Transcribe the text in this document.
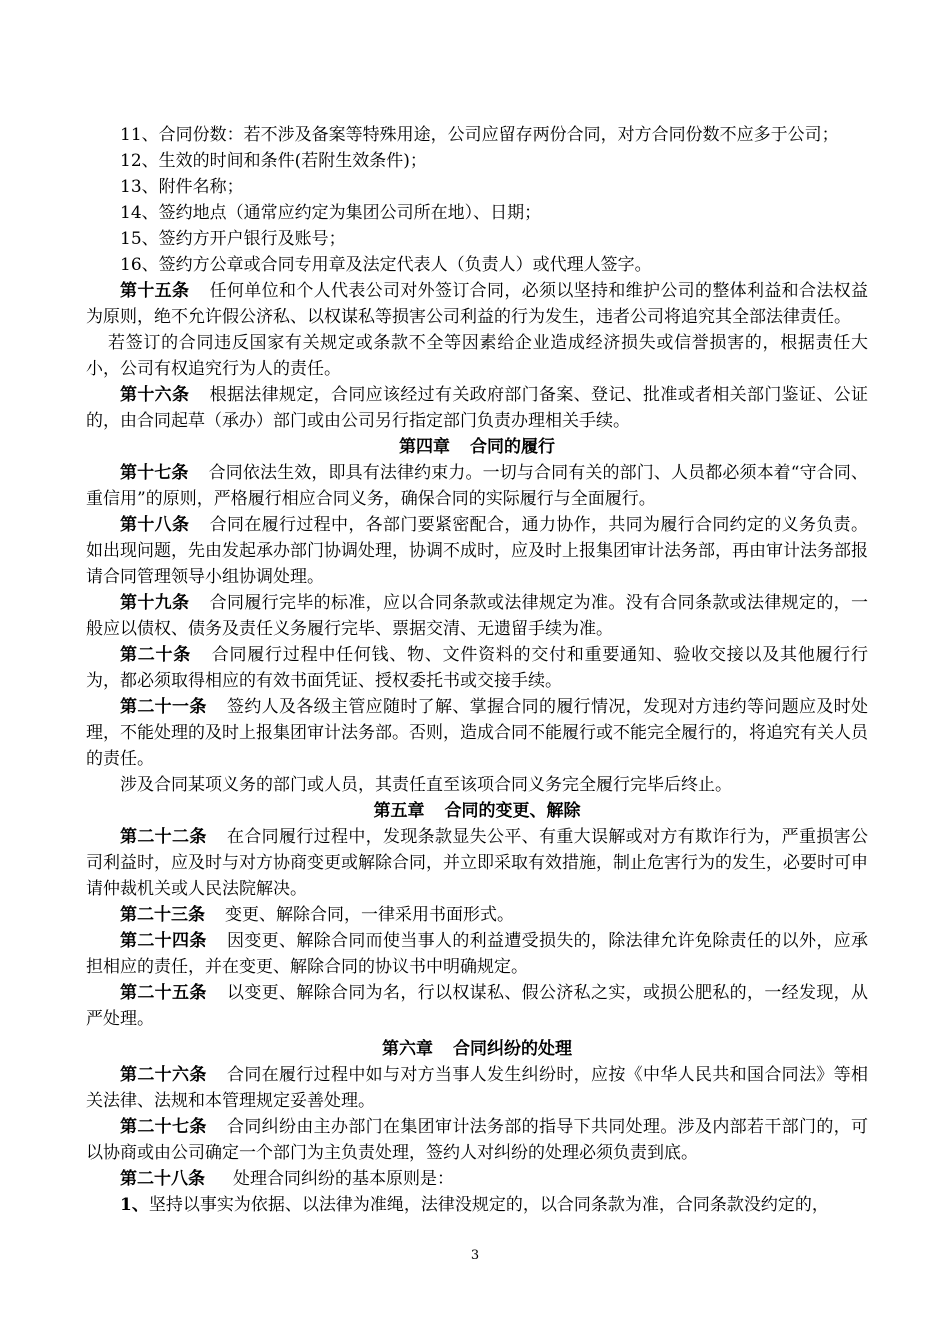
11、合同份数：若不涉及备案等特殊用途，公司应留存两份合同，对方合同份数不应多于公司；

12、生效的时间和条件(若附生效条件)；

13、附件名称；

14、签约地点（通常应约定为集团公司所在地）、日期；

15、签约方开户银行及账号；

16、签约方公章或合同专用章及法定代表人（负责人）或代理人签字。

第十五条 任何单位和个人代表公司对外签订合同，必须以坚持和维护公司的整体利益和合法权益为原则，绝不允许假公济私、以权谋私等损害公司利益的行为发生，违者公司将追究其全部法律责任。

若签订的合同违反国家有关规定或条款不全等因素给企业造成经济损失或信誉损害的，根据责任大小，公司有权追究行为人的责任。

第十六条 根据法律规定，合同应该经过有关政府部门备案、登记、批准或者相关部门鉴证、公证的，由合同起草（承办）部门或由公司另行指定部门负责办理相关手续。

第四章 合同的履行

第十七条 合同依法生效，即具有法律约束力。一切与合同有关的部门、人员都必须本着“守合同、重信用”的原则，严格履行相应合同义务，确保合同的实际履行与全面履行。

第十八条 合同在履行过程中，各部门要紧密配合，通力协作，共同为履行合同约定的义务负责。如出现问题，先由发起承办部门协调处理，协调不成时，应及时上报集团审计法务部，再由审计法务部报请合同管理领导小组协调处理。

第十九条 合同履行完毕的标准，应以合同条款或法律规定为准。没有合同条款或法律规定的，一般应以债权、债务及责任义务履行完毕、票据交清、无遗留手续为准。

第二十条 合同履行过程中任何钱、物、文件资料的交付和重要通知、验收交接以及其他履行行为，都必须取得相应的有效书面凭证、授权委托书或交接手续。

第二十一条 签约人及各级主管应随时了解、掌握合同的履行情况，发现对方违约等问题应及时处理，不能处理的及时上报集团审计法务部。否则，造成合同不能履行或不能完全履行的，将追究有关人员的责任。

涉及合同某项义务的部门或人员，其责任直至该项合同义务完全履行完毕后终止。

第五章 合同的变更、解除

第二十二条 在合同履行过程中，发现条款显失公平、有重大误解或对方有欺诈行为，严重损害公司利益时，应及时与对方协商变更或解除合同，并立即采取有效措施，制止危害行为的发生，必要时可申请仲裁机关或人民法院解决。

第二十三条 变更、解除合同，一律采用书面形式。

第二十四条 因变更、解除合同而使当事人的利益遭受损失的，除法律允许免除责任的以外，应承担相应的责任，并在变更、解除合同的协议书中明确规定。

第二十五条 以变更、解除合同为名，行以权谋私、假公济私之实，或损公肥私的，一经发现，从严处理。

第六章 合同纠纷的处理

第二十六条 合同在履行过程中如与对方当事人发生纠纷时，应按《中华人民共和国合同法》等相关法律、法规和本管理规定妥善处理。

第二十七条 合同纠纷由主办部门在集团审计法务部的指导下共同处理。涉及内部若干部门的，可以协商或由公司确定一个部门为主负责处理，签约人对纠纷的处理必须负责到底。

第二十八条 处理合同纠纷的基本原则是：

1、坚持以事实为依据、以法律为准绳，法律没规定的，以合同条款为准，合同条款没约定的，

3
